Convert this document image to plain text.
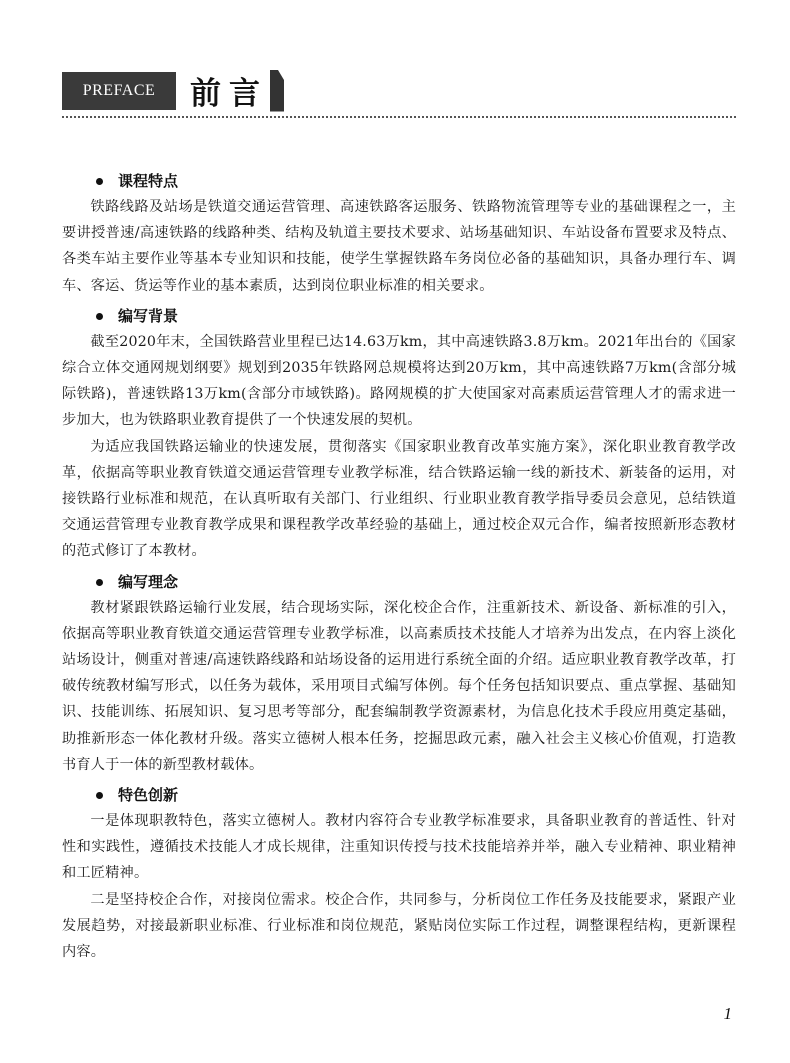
PREFACE	前言
课程特点

铁路线路及站场是铁道交通运营管理、高速铁路客运服务、铁路物流管理等专业的基础课程之一，主要讲授普速/高速铁路的线路种类、结构及轨道主要技术要求、站场基础知识、车站设备布置要求及特点、各类车站主要作业等基本专业知识和技能，使学生掌握铁路车务岗位必备的基础知识，具备办理行车、调车、客运、货运等作业的基本素质，达到岗位职业标准的相关要求。

编写背景

截至2020年末，全国铁路营业里程已达14.63万km，其中高速铁路3.8万km。2021年出台的《国家综合立体交通网规划纲要》规划到2035年铁路网总规模将达到20万km，其中高速铁路7万km(含部分城际铁路)，普速铁路13万km(含部分市域铁路)。路网规模的扩大使国家对高素质运营管理人才的需求进一步加大，也为铁路职业教育提供了一个快速发展的契机。

为适应我国铁路运输业的快速发展，贯彻落实《国家职业教育改革实施方案》，深化职业教育教学改革，依据高等职业教育铁道交通运营管理专业教学标准，结合铁路运输一线的新技术、新装备的运用，对接铁路行业标准和规范，在认真听取有关部门、行业组织、行业职业教育教学指导委员会意见，总结铁道交通运营管理专业教育教学成果和课程教学改革经验的基础上，通过校企双元合作，编者按照新形态教材的范式修订了本教材。

编写理念

教材紧跟铁路运输行业发展，结合现场实际，深化校企合作，注重新技术、新设备、新标准的引入，依据高等职业教育铁道交通运营管理专业教学标准，以高素质技术技能人才培养为出发点，在内容上淡化站场设计，侧重对普速/高速铁路线路和站场设备的运用进行系统全面的介绍。适应职业教育教学改革，打破传统教材编写形式，以任务为载体，采用项目式编写体例。每个任务包括知识要点、重点掌握、基础知识、技能训练、拓展知识、复习思考等部分，配套编制教学资源素材，为信息化技术手段应用奠定基础，助推新形态一体化教材升级。落实立德树人根本任务，挖掘思政元素，融入社会主义核心价值观，打造教书育人于一体的新型教材载体。

特色创新

一是体现职教特色，落实立德树人。教材内容符合专业教学标准要求，具备职业教育的普适性、针对性和实践性，遵循技术技能人才成长规律，注重知识传授与技术技能培养并举，融入专业精神、职业精神和工匠精神。

二是坚持校企合作，对接岗位需求。校企合作，共同参与，分析岗位工作任务及技能要求，紧跟产业发展趋势，对接最新职业标准、行业标准和岗位规范，紧贴岗位实际工作过程，调整课程结构，更新课程内容。

1
